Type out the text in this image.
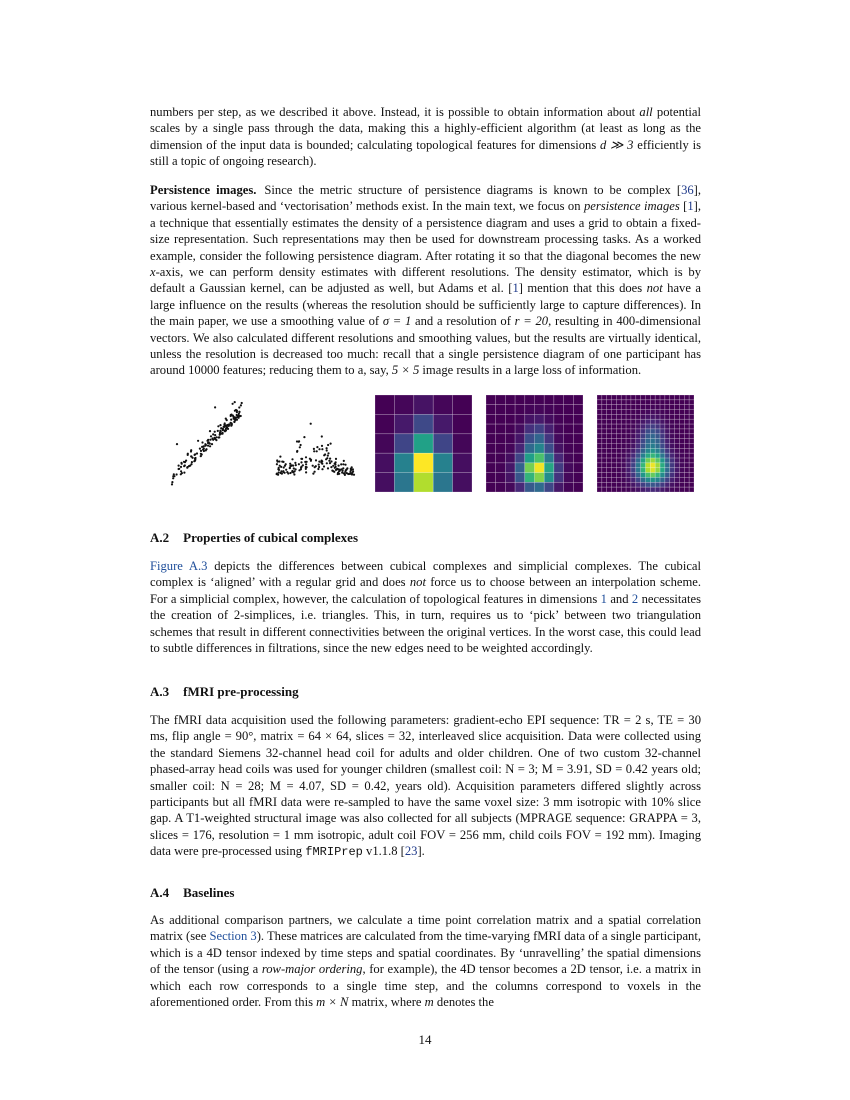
numbers per step, as we described it above. Instead, it is possible to obtain information about all potential scales by a single pass through the data, making this a highly-efficient algorithm (at least as long as the dimension of the input data is bounded; calculating topological features for dimensions d ≫ 3 efficiently is still a topic of ongoing research).

Persistence images. Since the metric structure of persistence diagrams is known to be complex [36], various kernel-based and ‘vectorisation’ methods exist. In the main text, we focus on persistence images [1], a technique that essentially estimates the density of a persistence diagram and uses a grid to obtain a fixed-size representation. Such representations may then be used for downstream processing tasks. As a worked example, consider the following persistence diagram. After rotating it so that the diagonal becomes the new x-axis, we can perform density estimates with different resolutions. The density estimator, which is by default a Gaussian kernel, can be adjusted as well, but Adams et al. [1] mention that this does not have a large influence on the results (whereas the resolution should be sufficiently large to capture differences). In the main paper, we use a smoothing value of σ = 1 and a resolution of r = 20, resulting in 400-dimensional vectors. We also calculated different resolutions and smoothing values, but the results are virtually identical, unless the resolution is decreased too much: recall that a single persistence diagram of one participant has around 10000 features; reducing them to a, say, 5 × 5 image results in a large loss of information.

A.2 Properties of cubical complexes

Figure A.3 depicts the differences between cubical complexes and simplicial complexes. The cubical complex is ‘aligned’ with a regular grid and does not force us to choose between an interpolation scheme. For a simplicial complex, however, the calculation of topological features in dimensions 1 and 2 necessitates the creation of 2-simplices, i.e. triangles. This, in turn, requires us to ‘pick’ between two triangulation schemes that result in different connectivities between the original vertices. In the worst case, this could lead to subtle differences in filtrations, since the new edges need to be weighted accordingly.

A.3 fMRI pre-processing

The fMRI data acquisition used the following parameters: gradient-echo EPI sequence: TR = 2 s, TE = 30 ms, flip angle = 90°, matrix = 64 × 64, slices = 32, interleaved slice acquisition. Data were collected using the standard Siemens 32-channel head coil for adults and older children. One of two custom 32-channel phased-array head coils was used for younger children (smallest coil: N = 3; M = 3.91, SD = 0.42 years old; smaller coil: N = 28; M = 4.07, SD = 0.42, years old). Acquisition parameters differed slightly across participants but all fMRI data were re-sampled to have the same voxel size: 3 mm isotropic with 10% slice gap. A T1-weighted structural image was also collected for all subjects (MPRAGE sequence: GRAPPA = 3, slices = 176, resolution = 1 mm isotropic, adult coil FOV = 256 mm, child coils FOV = 192 mm). Imaging data were pre-processed using fMRIPrep v1.1.8 [23].

A.4 Baselines

As additional comparison partners, we calculate a time point correlation matrix and a spatial correlation matrix (see Section 3). These matrices are calculated from the time-varying fMRI data of a single participant, which is a 4D tensor indexed by time steps and spatial coordinates. By ‘unravelling’ the spatial dimensions of the tensor (using a row-major ordering, for example), the 4D tensor becomes a 2D tensor, i.e. a matrix in which each row corresponds to a single time step, and the columns correspond to voxels in the aforementioned order. From this m × N matrix, where m denotes the

14
